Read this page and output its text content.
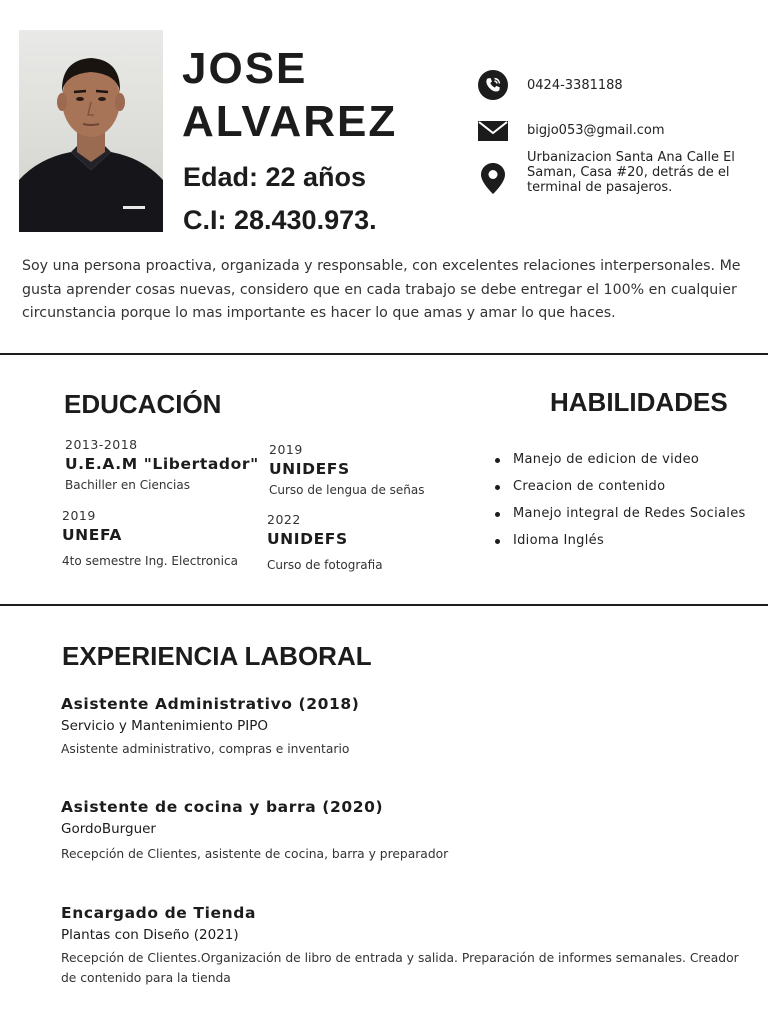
JOSE
ALVAREZ
Edad: 22 años
C.I: 28.430.973.
0424-3381188
bigjo053@gmail.com
Urbanizacion Santa Ana Calle El Saman, Casa #20, detrás de el terminal de pasajeros.
Soy una persona proactiva, organizada y responsable, con excelentes relaciones interpersonales. Me gusta aprender cosas nuevas, considero que en cada trabajo se debe entregar el 100% en cualquier circunstancia porque lo mas importante es hacer lo que amas y amar lo que haces.
EDUCACIÓN
2013-2018
U.E.A.M "Libertador"
Bachiller en Ciencias
2019
UNIDEFS
Curso de lengua de señas
2019
UNEFA
4to semestre Ing. Electronica
2022
UNIDEFS
Curso de fotografia
HABILIDADES
Manejo de edicion de video
Creacion de contenido
Manejo integral de Redes Sociales
Idioma Inglés
EXPERIENCIA LABORAL
Asistente Administrativo (2018)
Servicio y Mantenimiento PIPO
Asistente administrativo, compras e inventario
Asistente de cocina y barra (2020)
GordoBurguer
Recepción de Clientes, asistente de cocina, barra y preparador
Encargado de Tienda
Plantas con Diseño (2021)
Recepción de Clientes.Organización de libro de entrada y salida. Preparación de informes semanales. Creador de contenido para la tienda
